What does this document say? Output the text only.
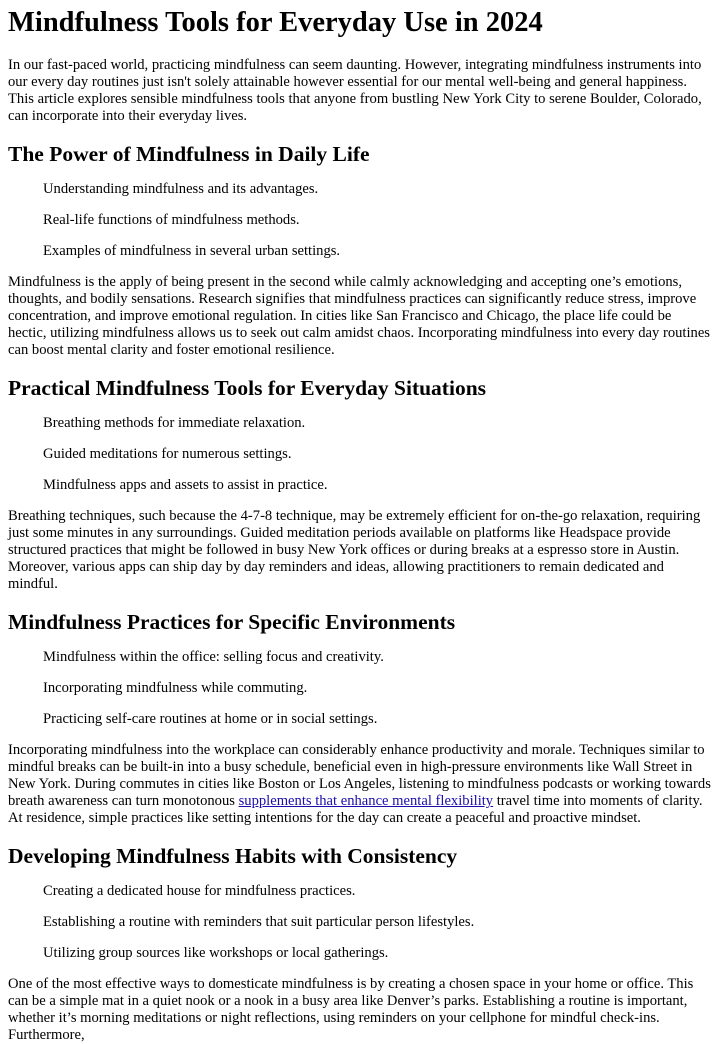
Mindfulness Tools for Everyday Use in 2024

In our fast-paced world, practicing mindfulness can seem daunting. However, integrating mindfulness instruments into our every day routines just isn't solely attainable however essential for our mental well-being and general happiness. This article explores sensible mindfulness tools that anyone from bustling New York City to serene Boulder, Colorado, can incorporate into their everyday lives.

The Power of Mindfulness in Daily Life
Understanding mindfulness and its advantages.
Real-life functions of mindfulness methods.
Examples of mindfulness in several urban settings.

Mindfulness is the apply of being present in the second while calmly acknowledging and accepting one’s emotions, thoughts, and bodily sensations. Research signifies that mindfulness practices can significantly reduce stress, improve concentration, and improve emotional regulation. In cities like San Francisco and Chicago, the place life could be hectic, utilizing mindfulness allows us to seek out calm amidst chaos. Incorporating mindfulness into every day routines can boost mental clarity and foster emotional resilience.

Practical Mindfulness Tools for Everyday Situations
Breathing methods for immediate relaxation.
Guided meditations for numerous settings.
Mindfulness apps and assets to assist in practice.

Breathing techniques, such because the 4-7-8 technique, may be extremely efficient for on-the-go relaxation, requiring just some minutes in any surroundings. Guided meditation periods available on platforms like Headspace provide structured practices that might be followed in busy New York offices or during breaks at a espresso store in Austin. Moreover, various apps can ship day by day reminders and ideas, allowing practitioners to remain dedicated and mindful.

Mindfulness Practices for Specific Environments
Mindfulness within the office: selling focus and creativity.
Incorporating mindfulness while commuting.
Practicing self-care routines at home or in social settings.

Incorporating mindfulness into the workplace can considerably enhance productivity and morale. Techniques similar to mindful breaks can be built-in into a busy schedule, beneficial even in high-pressure environments like Wall Street in New York. During commutes in cities like Boston or Los Angeles, listening to mindfulness podcasts or working towards breath awareness can turn monotonous supplements that enhance mental flexibility travel time into moments of clarity. At residence, simple practices like setting intentions for the day can create a peaceful and proactive mindset.

Developing Mindfulness Habits with Consistency
Creating a dedicated house for mindfulness practices.
Establishing a routine with reminders that suit particular person lifestyles.
Utilizing group sources like workshops or local gatherings.

One of the most effective ways to domesticate mindfulness is by creating a chosen space in your home or office. This can be a simple mat in a quiet nook or a nook in a busy area like Denver’s parks. Establishing a routine is important, whether it’s morning meditations or night reflections, using reminders on your cellphone for mindful check-ins. Furthermore,
